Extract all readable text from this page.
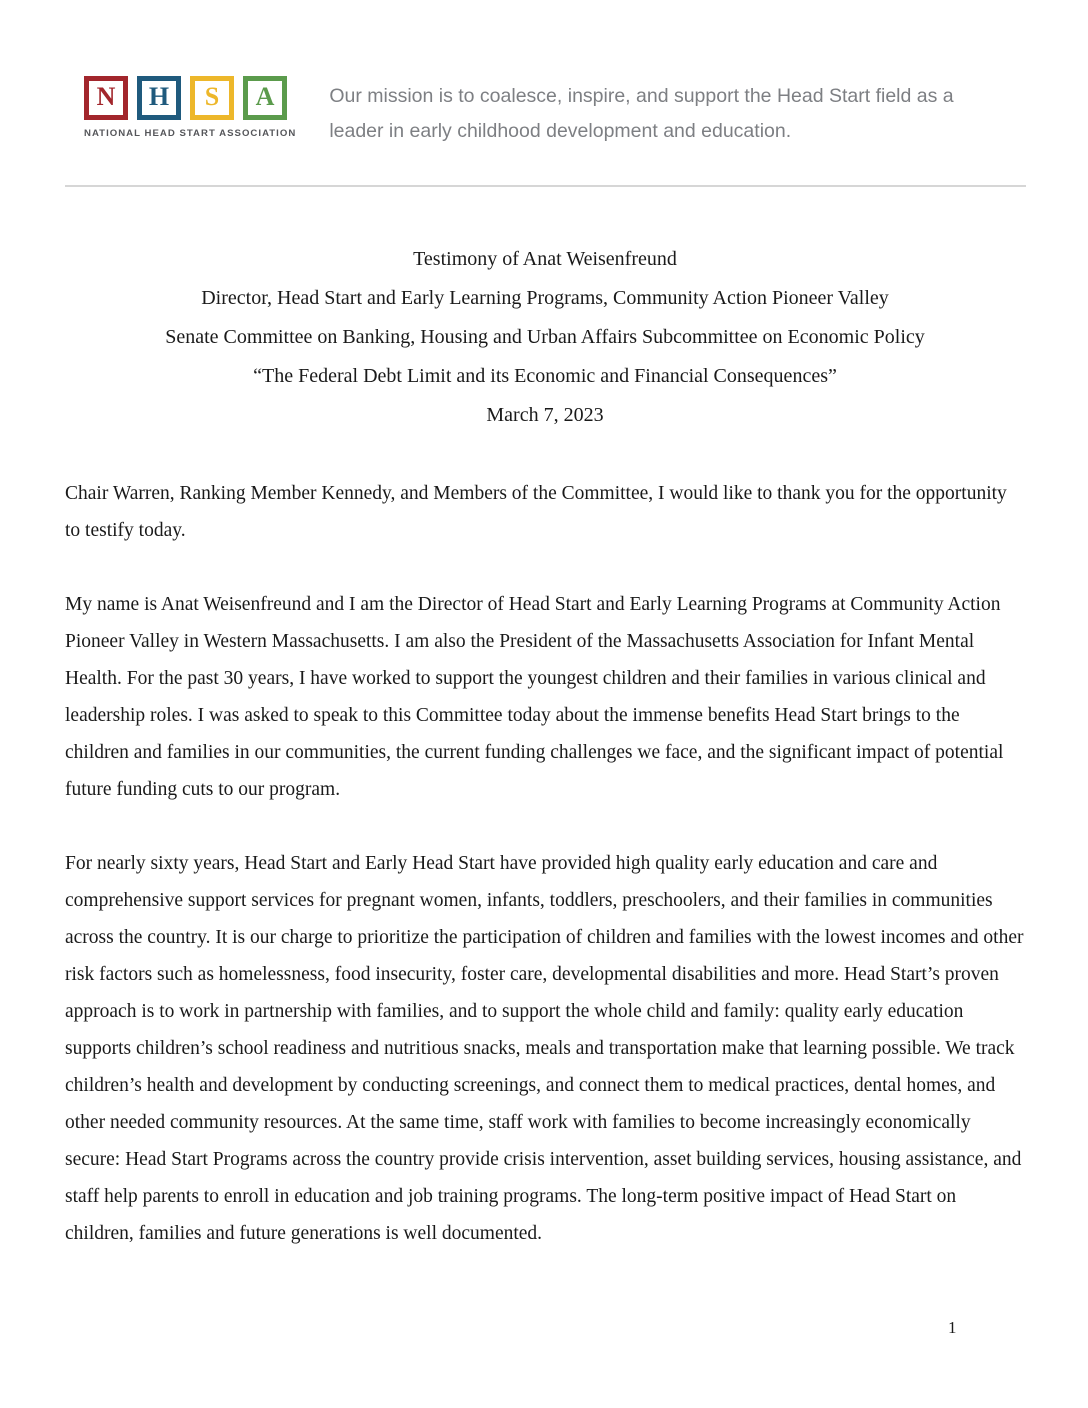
N H S A
NATIONAL HEAD START ASSOCIATION
Our mission is to coalesce, inspire, and support the Head Start field as a leader in early childhood development and education.
Testimony of Anat Weisenfreund
Director, Head Start and Early Learning Programs, Community Action Pioneer Valley
Senate Committee on Banking, Housing and Urban Affairs Subcommittee on Economic Policy
“The Federal Debt Limit and its Economic and Financial Consequences”
March 7, 2023

Chair Warren, Ranking Member Kennedy, and Members of the Committee, I would like to thank you for the opportunity to testify today.

My name is Anat Weisenfreund and I am the Director of Head Start and Early Learning Programs at Community Action Pioneer Valley in Western Massachusetts. I am also the President of the Massachusetts Association for Infant Mental Health. For the past 30 years, I have worked to support the youngest children and their families in various clinical and leadership roles. I was asked to speak to this Committee today about the immense benefits Head Start brings to the children and families in our communities, the current funding challenges we face, and the significant impact of potential future funding cuts to our program.

For nearly sixty years, Head Start and Early Head Start have provided high quality early education and care and comprehensive support services for pregnant women, infants, toddlers, preschoolers, and their families in communities across the country. It is our charge to prioritize the participation of children and families with the lowest incomes and other risk factors such as homelessness, food insecurity, foster care, developmental disabilities and more. Head Start’s proven approach is to work in partnership with families, and to support the whole child and family: quality early education supports children’s school readiness and nutritious snacks, meals and transportation make that learning possible. We track children’s health and development by conducting screenings, and connect them to medical practices, dental homes, and other needed community resources. At the same time, staff work with families to become increasingly economically secure: Head Start Programs across the country provide crisis intervention, asset building services, housing assistance, and staff help parents to enroll in education and job training programs. The long-term positive impact of Head Start on children, families and future generations is well documented.

1
